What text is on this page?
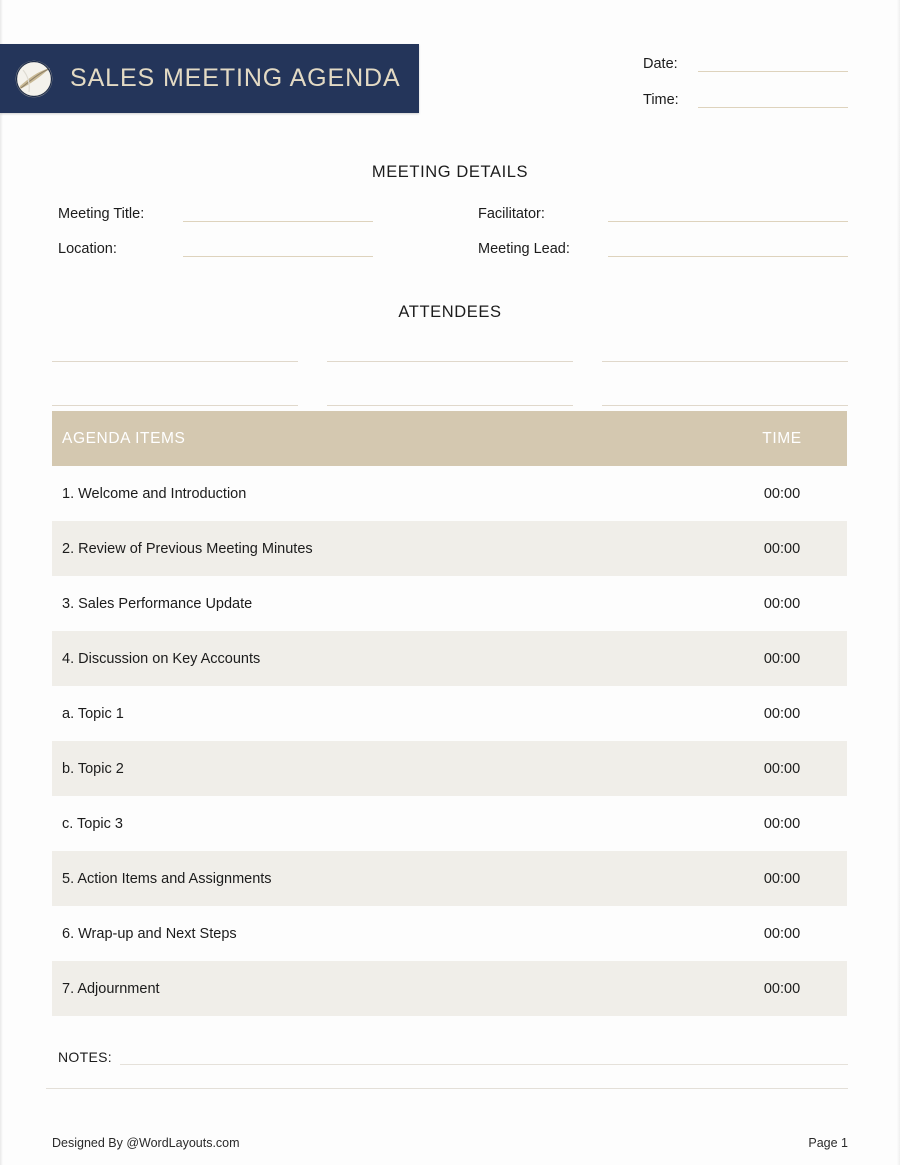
SALES MEETING AGENDA	Date:
Time:
MEETING DETAILS
Meeting Title:	Facilitator:
Location:	Meeting Lead:
ATTENDEES
AGENDA ITEMS	TIME
1. Welcome and Introduction	00:00
2. Review of Previous Meeting Minutes	00:00
3. Sales Performance Update	00:00
4. Discussion on Key Accounts	00:00
a. Topic 1	00:00
b. Topic 2	00:00
c. Topic 3	00:00
5. Action Items and Assignments	00:00
6. Wrap-up and Next Steps	00:00
7. Adjournment	00:00
NOTES:
Designed By @WordLayouts.com	Page 1
